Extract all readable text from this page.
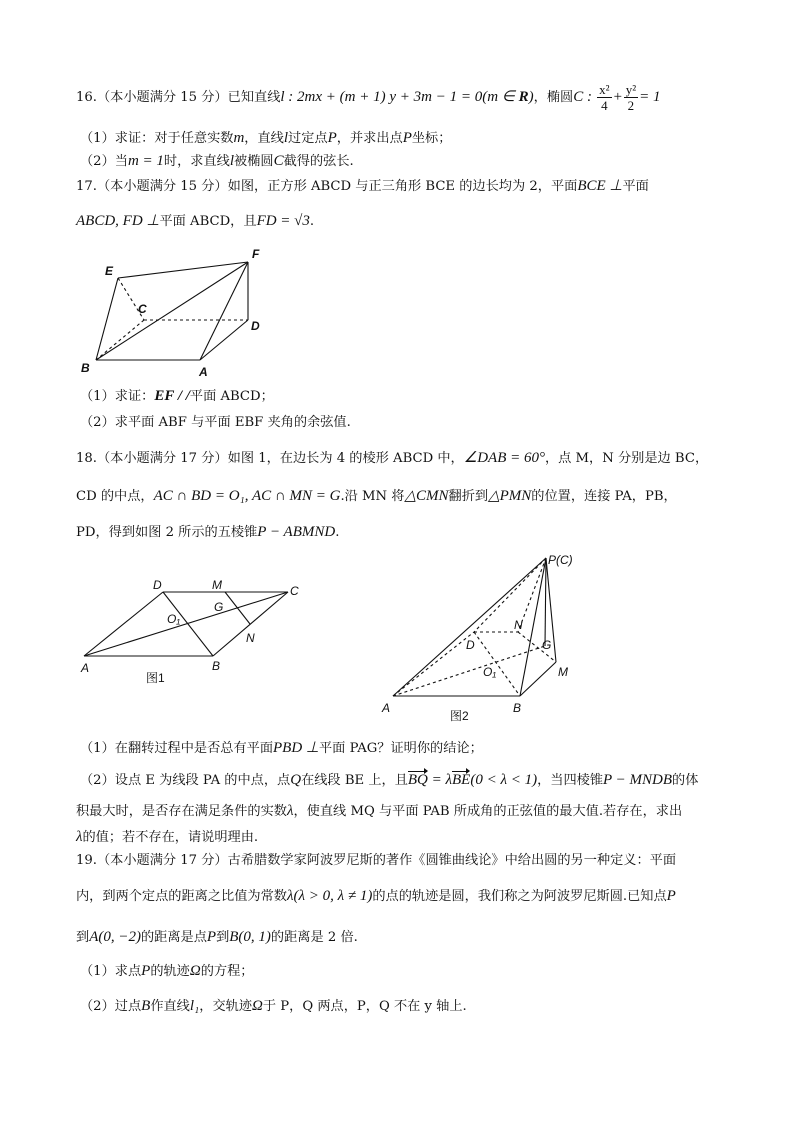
16.（本小题满分 15 分）已知直线l : 2mx + (m + 1) y + 3m − 1 = 0(m ∈ R)，椭圆C : $\frac{\text{x²}}{4} + \frac{\text{y²}}{2} = 1$
（1）求证：对于任意实数m，直线l过定点P，并求出点P坐标；
（2）当m = 1时，求直线l被椭圆C截得的弦长.
17.（本小题满分 15 分）如图，正方形 ABCD 与正三角形 BCE 的边长均为 2，平面BCE ⊥平面
ABCD, FD ⊥平面 ABCD，且FD = √3.
E
F
C
D
B	A
（1）求证：EF / /平面 ABCD；
（2）求平面 ABF 与平面 EBF 夹角的余弦值.
18.（本小题满分 17 分）如图 1，在边长为 4 的棱形 ABCD 中，∠DAB = 60°，点 M，N 分别是边 BC，
CD 的中点，AC ∩ BD = O₁, AC ∩ MN = G.沿 MN 将△CMN翻折到△PMN的位置，连接 PA，PB，
PD，得到如图 2 所示的五棱锥P − ABMND.
D	M	C
G
O₁
N
A	B
图1
P(C)
N
D	G
O₁	M
A	B
图2
（1）在翻转过程中是否总有平面PBD ⊥平面 PAG？证明你的结论；
（2）设点 E 为线段 PA 的中点，点Q在线段 BE 上，且BQ = λBE(0 < λ < 1)，当四棱锥P − MNDB的体
积最大时，是否存在满足条件的实数λ，使直线 MQ 与平面 PAB 所成角的正弦值的最大值.若存在，求出
λ的值；若不存在，请说明理由.
19.（本小题满分 17 分）古希腊数学家阿波罗尼斯的著作《圆锥曲线论》中给出圆的另一种定义：平面
内，到两个定点的距离之比值为常数λ(λ > 0, λ ≠ 1)的点的轨迹是圆，我们称之为阿波罗尼斯圆.已知点P
到A(0, −2)的距离是点P到B(0, 1)的距离是 2 倍.
（1）求点P的轨迹Ω的方程；
（2）过点B作直线l₁，交轨迹Ω于 P，Q 两点，P，Q 不在 y 轴上.
